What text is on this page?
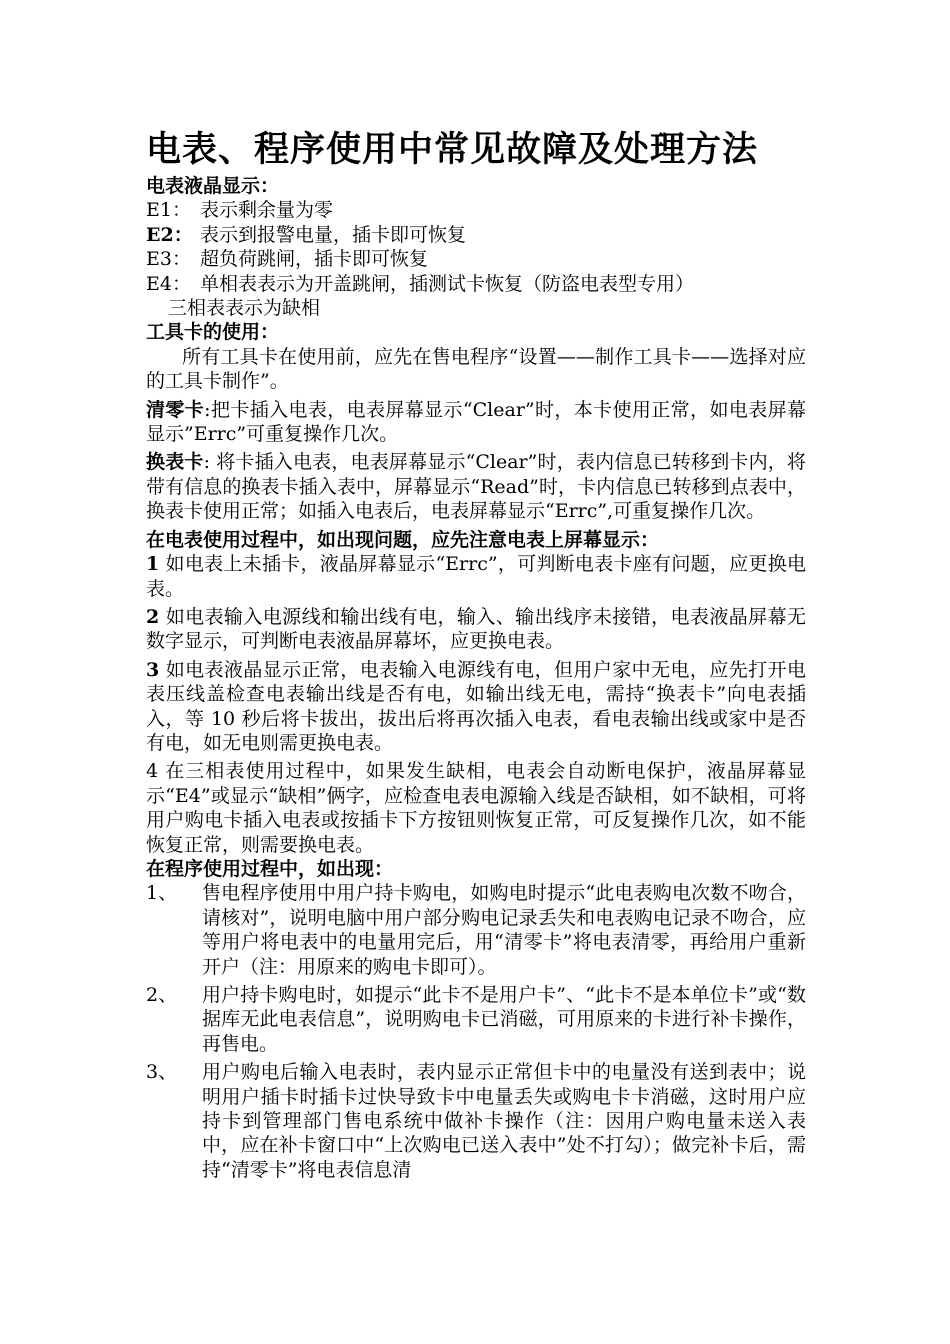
电表、程序使用中常见故障及处理方法

电表液晶显示：

E1： 表示剩余量为零

E2： 表示到报警电量，插卡即可恢复

E3： 超负荷跳闸，插卡即可恢复

E4： 单相表表示为开盖跳闸，插测试卡恢复（防盗电表型专用）

三相表表示为缺相

工具卡的使用：

所有工具卡在使用前，应先在售电程序“设置——制作工具卡——选择对应的工具卡制作”。

清零卡:把卡插入电表，电表屏幕显示“Clear”时，本卡使用正常，如电表屏幕显示”Errc”可重复操作几次。

换表卡: 将卡插入电表，电表屏幕显示“Clear”时，表内信息已转移到卡内，将带有信息的换表卡插入表中，屏幕显示“Read”时，卡内信息已转移到点表中，换表卡使用正常；如插入电表后，电表屏幕显示“Errc”,可重复操作几次。

在电表使用过程中，如出现问题，应先注意电表上屏幕显示：

1 如电表上未插卡，液晶屏幕显示“Errc”，可判断电表卡座有问题，应更换电表。

2 如电表输入电源线和输出线有电，输入、输出线序未接错，电表液晶屏幕无数字显示，可判断电表液晶屏幕坏，应更换电表。

3 如电表液晶显示正常，电表输入电源线有电，但用户家中无电，应先打开电表压线盖检查电表输出线是否有电，如输出线无电，需持“换表卡”向电表插入，等 10 秒后将卡拔出，拔出后将再次插入电表，看电表输出线或家中是否有电，如无电则需更换电表。

4 在三相表使用过程中，如果发生缺相，电表会自动断电保护，液晶屏幕显示“E4”或显示“缺相”俩字，应检查电表电源输入线是否缺相，如不缺相，可将用户购电卡插入电表或按插卡下方按钮则恢复正常，可反复操作几次，如不能恢复正常，则需要换电表。

在程序使用过程中，如出现：

1、 售电程序使用中用户持卡购电，如购电时提示“此电表购电次数不吻合，请核对”，说明电脑中用户部分购电记录丢失和电表购电记录不吻合，应等用户将电表中的电量用完后，用“清零卡”将电表清零，再给用户重新开户（注：用原来的购电卡即可）。
2、 用户持卡购电时，如提示“此卡不是用户卡”、“此卡不是本单位卡”或“数据库无此电表信息”，说明购电卡已消磁，可用原来的卡进行补卡操作，再售电。
3、 用户购电后输入电表时，表内显示正常但卡中的电量没有送到表中；说明用户插卡时插卡过快导致卡中电量丢失或购电卡卡消磁，这时用户应持卡到管理部门售电系统中做补卡操作（注：因用户购电量未送入表中，应在补卡窗口中“上次购电已送入表中”处不打勾）；做完补卡后，需持“清零卡”将电表信息清
